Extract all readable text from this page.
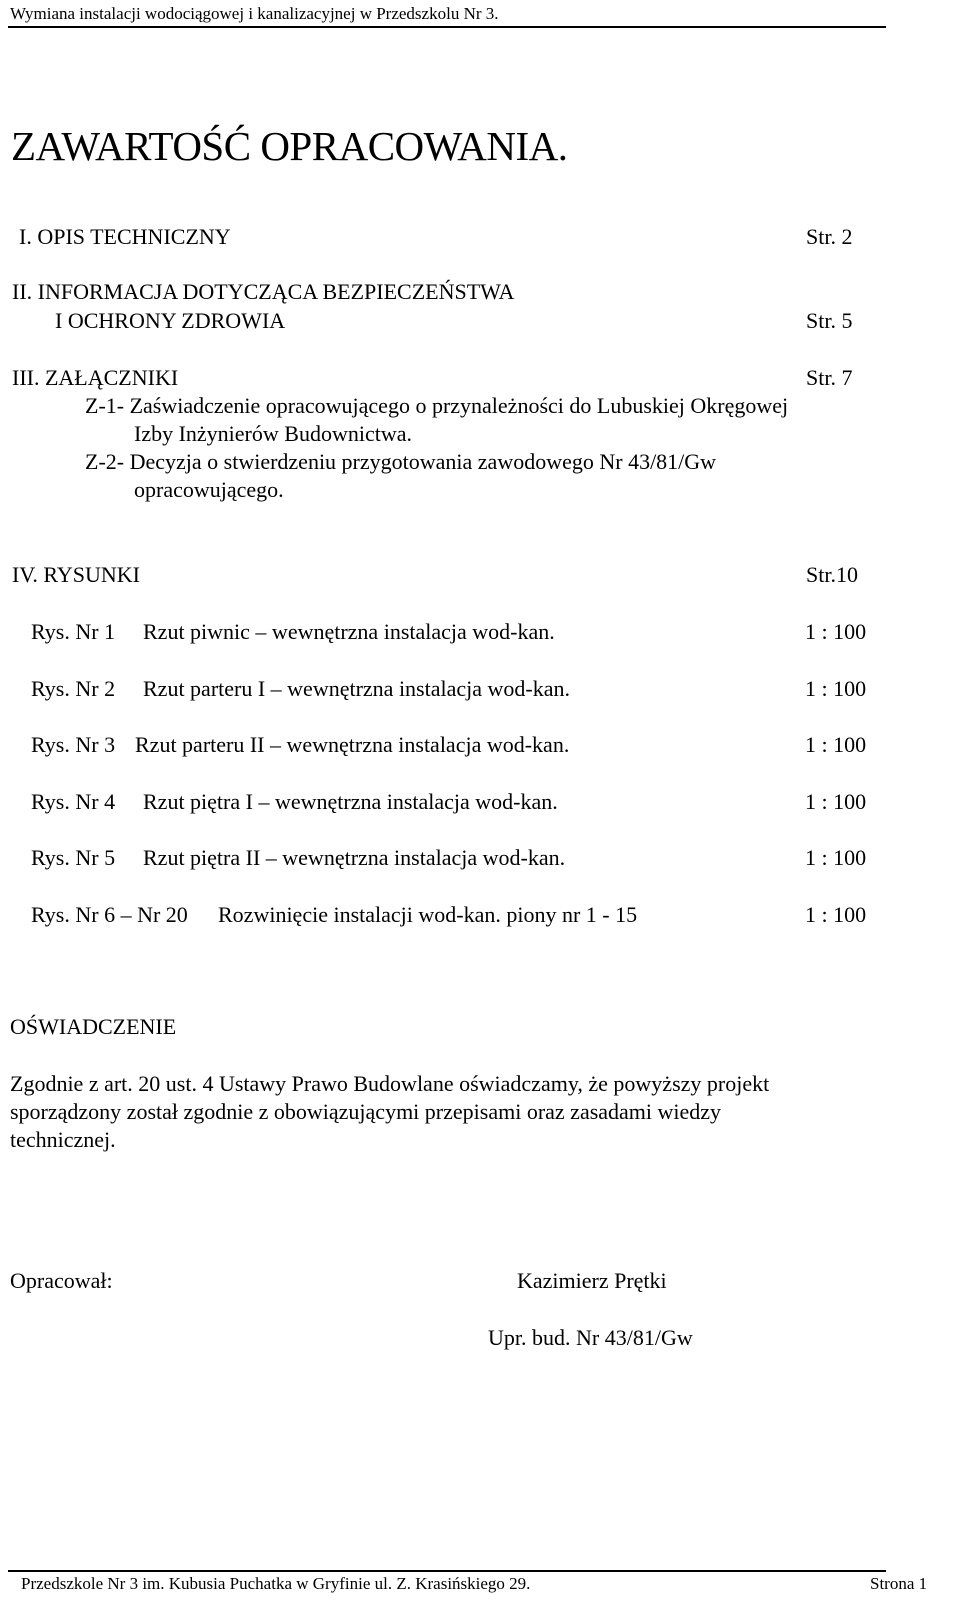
Wymiana instalacji wodociągowej i kanalizacyjnej w Przedszkolu Nr 3.
ZAWARTOŚĆ OPRACOWANIA.
I. OPIS TECHNICZNY	Str. 2
II. INFORMACJA DOTYCZĄCA BEZPIECZEŃSTWA
I OCHRONY ZDROWIA	Str. 5
III. ZAŁĄCZNIKI	Str. 7
Z-1- Zaświadczenie opracowującego o przynależności do Lubuskiej Okręgowej
Izby Inżynierów Budownictwa.
Z-2- Decyzja o stwierdzeniu przygotowania zawodowego Nr 43/81/Gw
opracowującego.
IV. RYSUNKI	Str.10
Rys. Nr 1 Rzut piwnic – wewnętrzna instalacja wod-kan.	1 : 100
Rys. Nr 2 Rzut parteru I – wewnętrzna instalacja wod-kan.	1 : 100
Rys. Nr 3 Rzut parteru II – wewnętrzna instalacja wod-kan.	1 : 100
Rys. Nr 4 Rzut piętra I – wewnętrzna instalacja wod-kan.	1 : 100
Rys. Nr 5 Rzut piętra II – wewnętrzna instalacja wod-kan.	1 : 100
Rys. Nr 6 – Nr 20 Rozwinięcie instalacji wod-kan. piony nr 1 - 15	1 : 100
OŚWIADCZENIE
Zgodnie z art. 20 ust. 4 Ustawy Prawo Budowlane oświadczamy, że powyższy projekt
sporządzony został zgodnie z obowiązującymi przepisami oraz zasadami wiedzy
technicznej.
Opracował:	Kazimierz Prętki
Upr. bud. Nr 43/81/Gw
Przedszkole Nr 3 im. Kubusia Puchatka w Gryfinie ul. Z. Krasińskiego 29.	Strona 1
